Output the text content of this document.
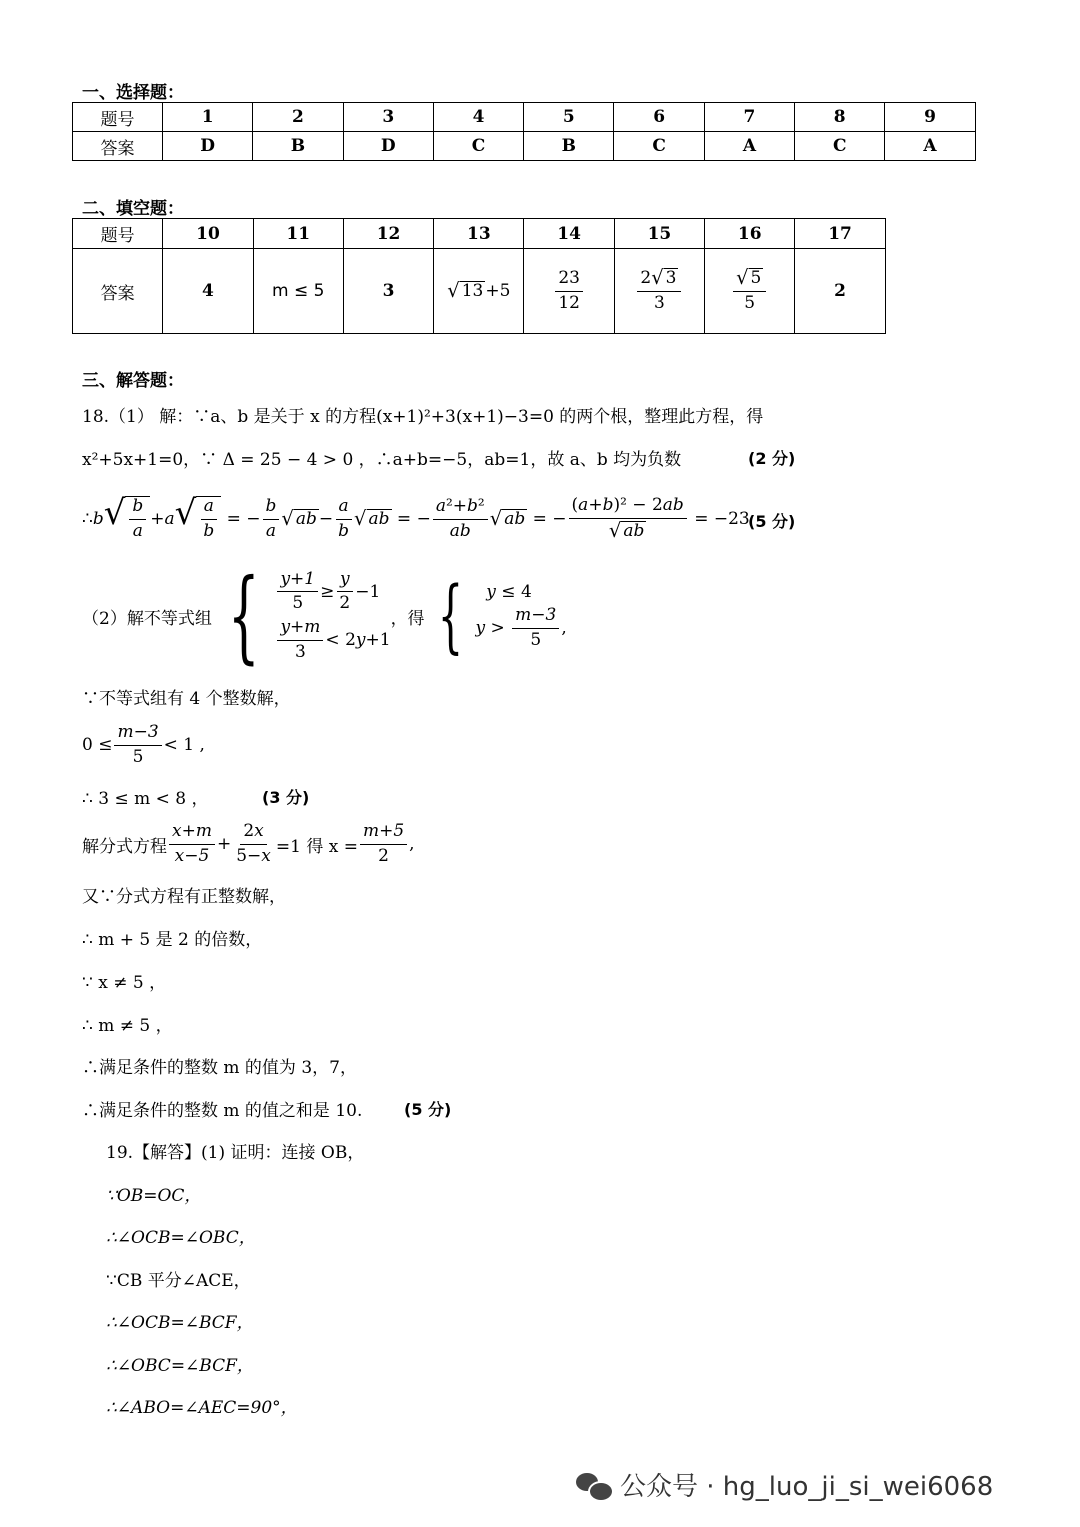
一、选择题：
题号	1	2	3	4	5	6	7	8	9
答案	D	B	D	C	B	C	A	C	A
二、填空题：
题号	10	11	12	13	14	15	16	17
答案	4	m ≤ 5	3	√ 13 +5	$\frac{23}{12}$	$\frac{2 √ 3}{3}$	$\frac{√ 5}{5}$	2
三、解答题：
18.（1） 解：∵a、b 是关于 x 的方程(x+1)²+3(x+1)−3=0 的两个根，整理此方程，得
x²+5x+1=0，∵ Δ = 25 − 4 > 0 ，∴a+b=−5，ab=1，故 a、b 均为负数	(2 分)
∴ b √ $\frac{b}{a} + a$ √ $\frac{a}{b}$ = − $\frac{b}{a}$ √ ab − $\frac{a}{b}$ √ ab = − $\frac{\text{a²+b²}}{ab}$ √ ab = − $\frac{\text{(a+b)² − 2ab}}{√ ab} = -23$
(5 分)
（2）解不等式组 { $\frac{y+1}{5} \ge \frac{y}{2} -1$
$\frac{y+m}{3} < 2y+1$
，得 {	y ≤ 4
$y > \frac{m-3}{5}$ ,
∵不等式组有 4 个整数解，
$0 \le \frac{m-3}{5} < 1$ ,
∴ 3 ≤ m < 8 ，	(3 分)
解分式方程 $\frac{x+m}{x-5} + \frac{2x}{5-x} =1$ 得 $x = \frac{m+5}{2}$ ,
又∵分式方程有正整数解，
∴ m + 5 是 2 的倍数，
∵ x ≠ 5 ，
∴ m ≠ 5 ，
∴满足条件的整数 m 的值为 3，7，
∴满足条件的整数 m 的值之和是 10.	(5 分)
19.【解答】(1) 证明：连接 OB，
∵OB=OC，
∴∠OCB=∠OBC，
∵CB 平分∠ACE，
∴∠OCB=∠BCF，
∴∠OBC=∠BCF，
∴∠ABO=∠AEC=90°，
公众号 · hg_luo_ji_si_wei6068
